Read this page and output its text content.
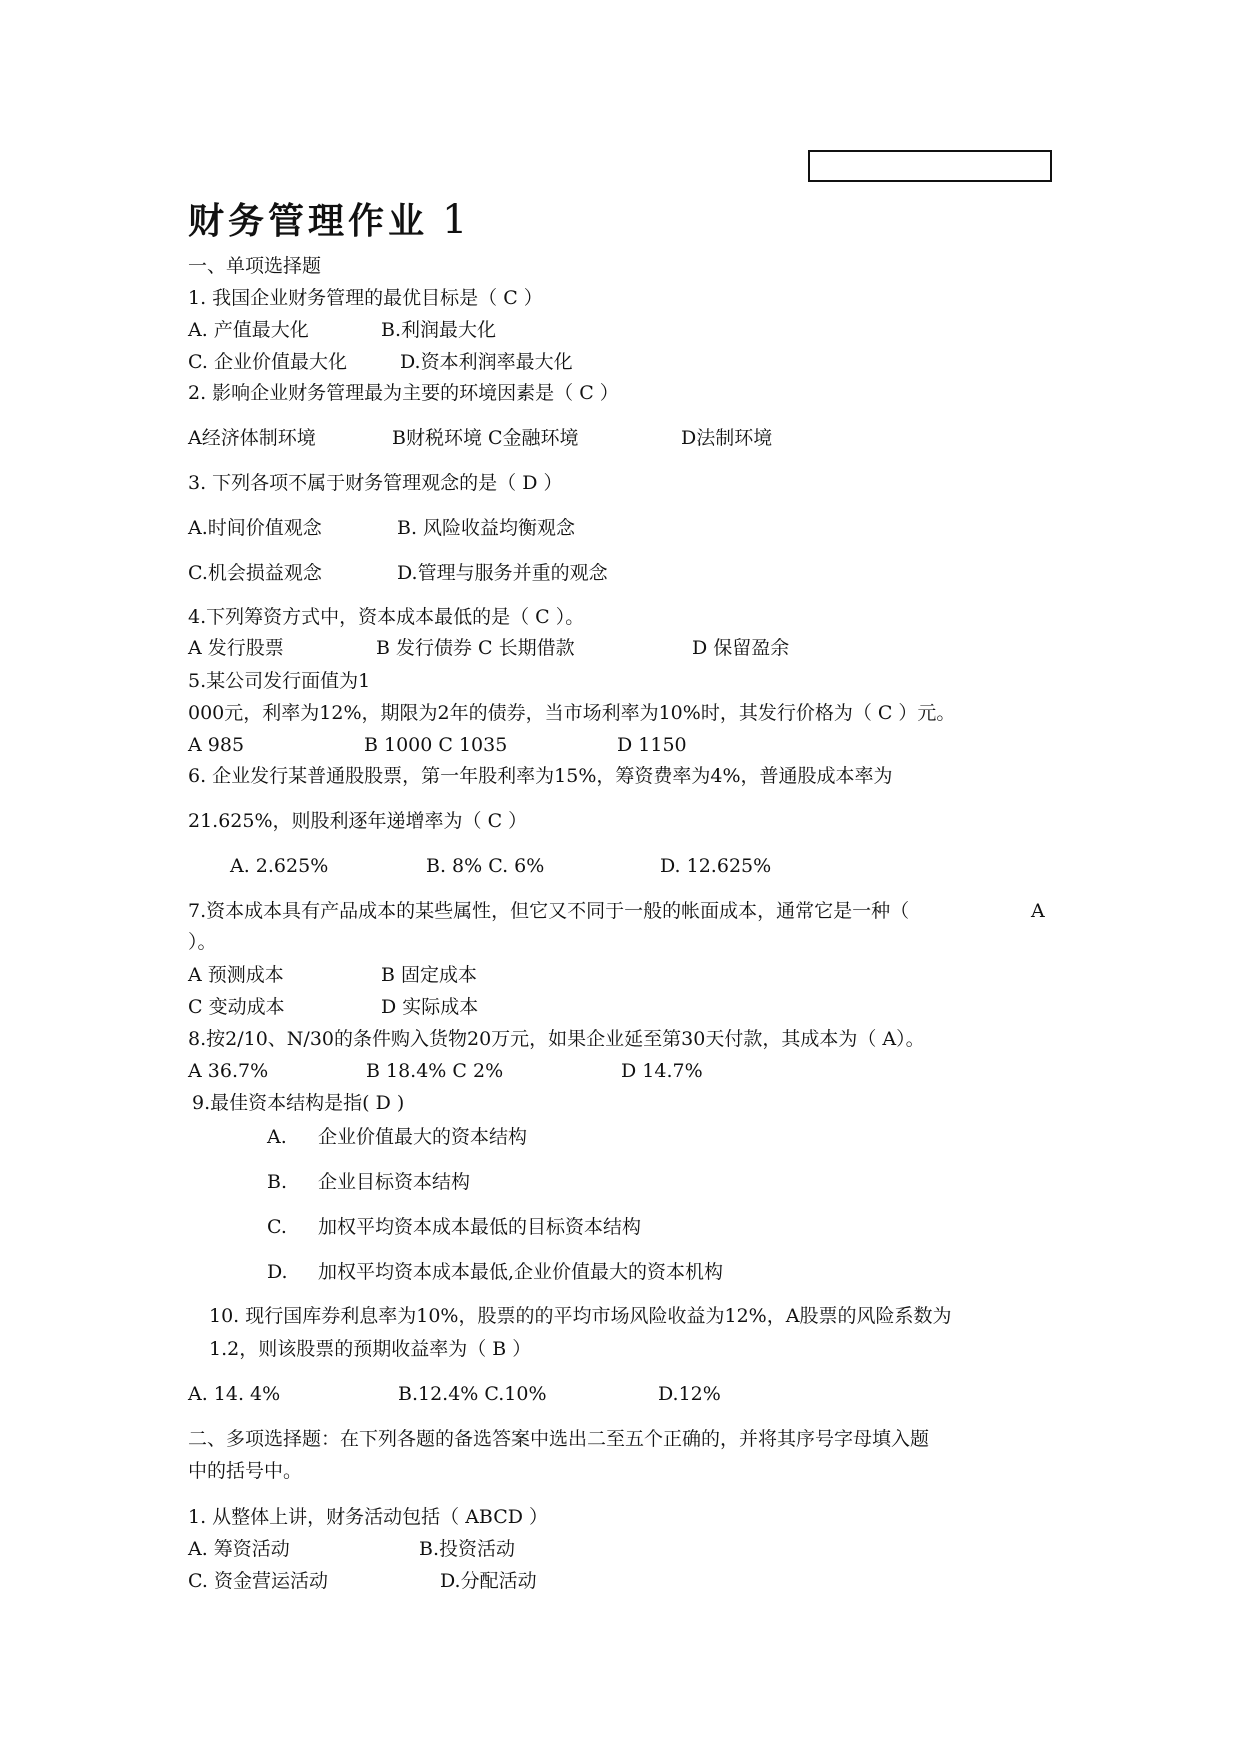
财务管理作业 1
一、单项选择题
1. 我国企业财务管理的最优目标是（ C ）
A. 产值最大化	B.利润最大化
C. 企业价值最大化	D.资本利润率最大化
2. 影响企业财务管理最为主要的环境因素是（ C ）
A经济体制环境	B财税环境 C金融环境	D法制环境
3. 下列各项不属于财务管理观念的是（ D ）
A.时间价值观念	B. 风险收益均衡观念
C.机会损益观念	D.管理与服务并重的观念
4.下列筹资方式中，资本成本最低的是（ C ）。
A 发行股票	B 发行债券 C 长期借款	D 保留盈余
5.某公司发行面值为1
000元，利率为12%，期限为2年的债券，当市场利率为10%时，其发行价格为（ C ）元。
A 985	B 1000 C 1035	D 1150
6. 企业发行某普通股股票，第一年股利率为15%，筹资费率为4%，普通股成本率为
21.625%，则股利逐年递增率为（ C ）
A. 2.625%	B. 8% C. 6%	D. 12.625%
7.资本成本具有产品成本的某些属性，但它又不同于一般的帐面成本，通常它是一种（	A
）。
A 预测成本	B 固定成本
C 变动成本	D 实际成本
8.按2/10、N/30的条件购入货物20万元，如果企业延至第30天付款，其成本为（ A）。
A 36.7%	B 18.4% C 2%	D 14.7%
9.最佳资本结构是指( D )
A. 企业价值最大的资本结构
B. 企业目标资本结构
C. 加权平均资本成本最低的目标资本结构
D. 加权平均资本成本最低,企业价值最大的资本机构
10. 现行国库券利息率为10%，股票的的平均市场风险收益为12%，A股票的风险系数为
1.2，则该股票的预期收益率为（ B ）
A. 14. 4%	B.12.4% C.10%	D.12%
二、多项选择题：在下列各题的备选答案中选出二至五个正确的，并将其序号字母填入题
中的括号中。
1. 从整体上讲，财务活动包括（ ABCD ）
A. 筹资活动	B.投资活动
C. 资金营运活动	D.分配活动
